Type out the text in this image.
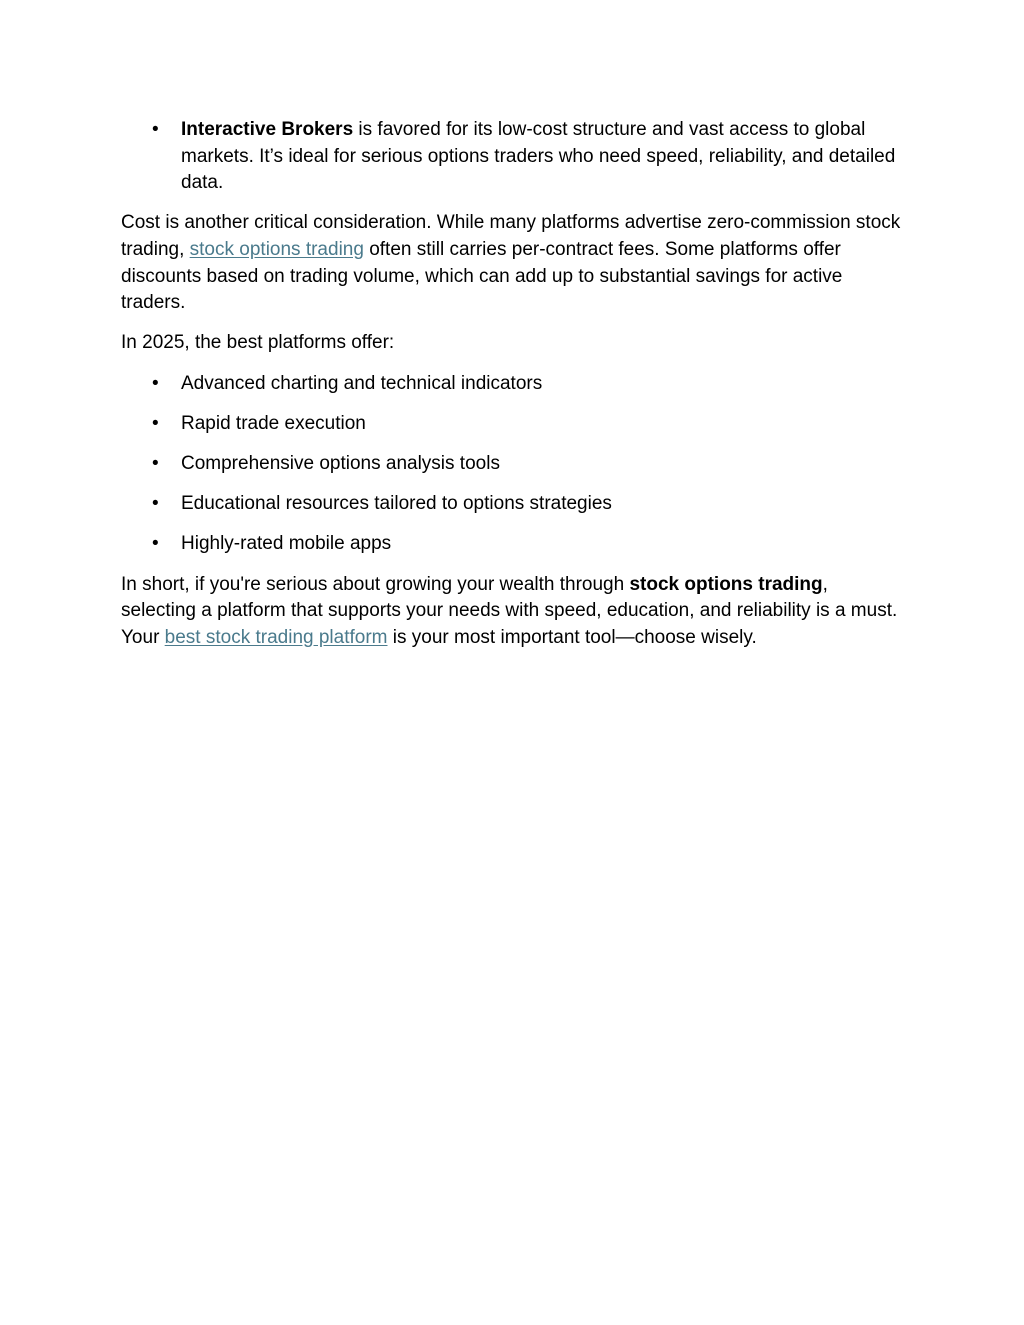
• Interactive Brokers is favored for its low-cost structure and vast access to global markets. It’s ideal for serious options traders who need speed, reliability, and detailed data.

Cost is another critical consideration. While many platforms advertise zero-commission stock trading, stock options trading often still carries per-contract fees. Some platforms offer discounts based on trading volume, which can add up to substantial savings for active traders.

In 2025, the best platforms offer:

• Advanced charting and technical indicators
• Rapid trade execution
• Comprehensive options analysis tools
• Educational resources tailored to options strategies
• Highly-rated mobile apps

In short, if you're serious about growing your wealth through stock options trading, selecting a platform that supports your needs with speed, education, and reliability is a must. Your best stock trading platform is your most important tool—choose wisely.
